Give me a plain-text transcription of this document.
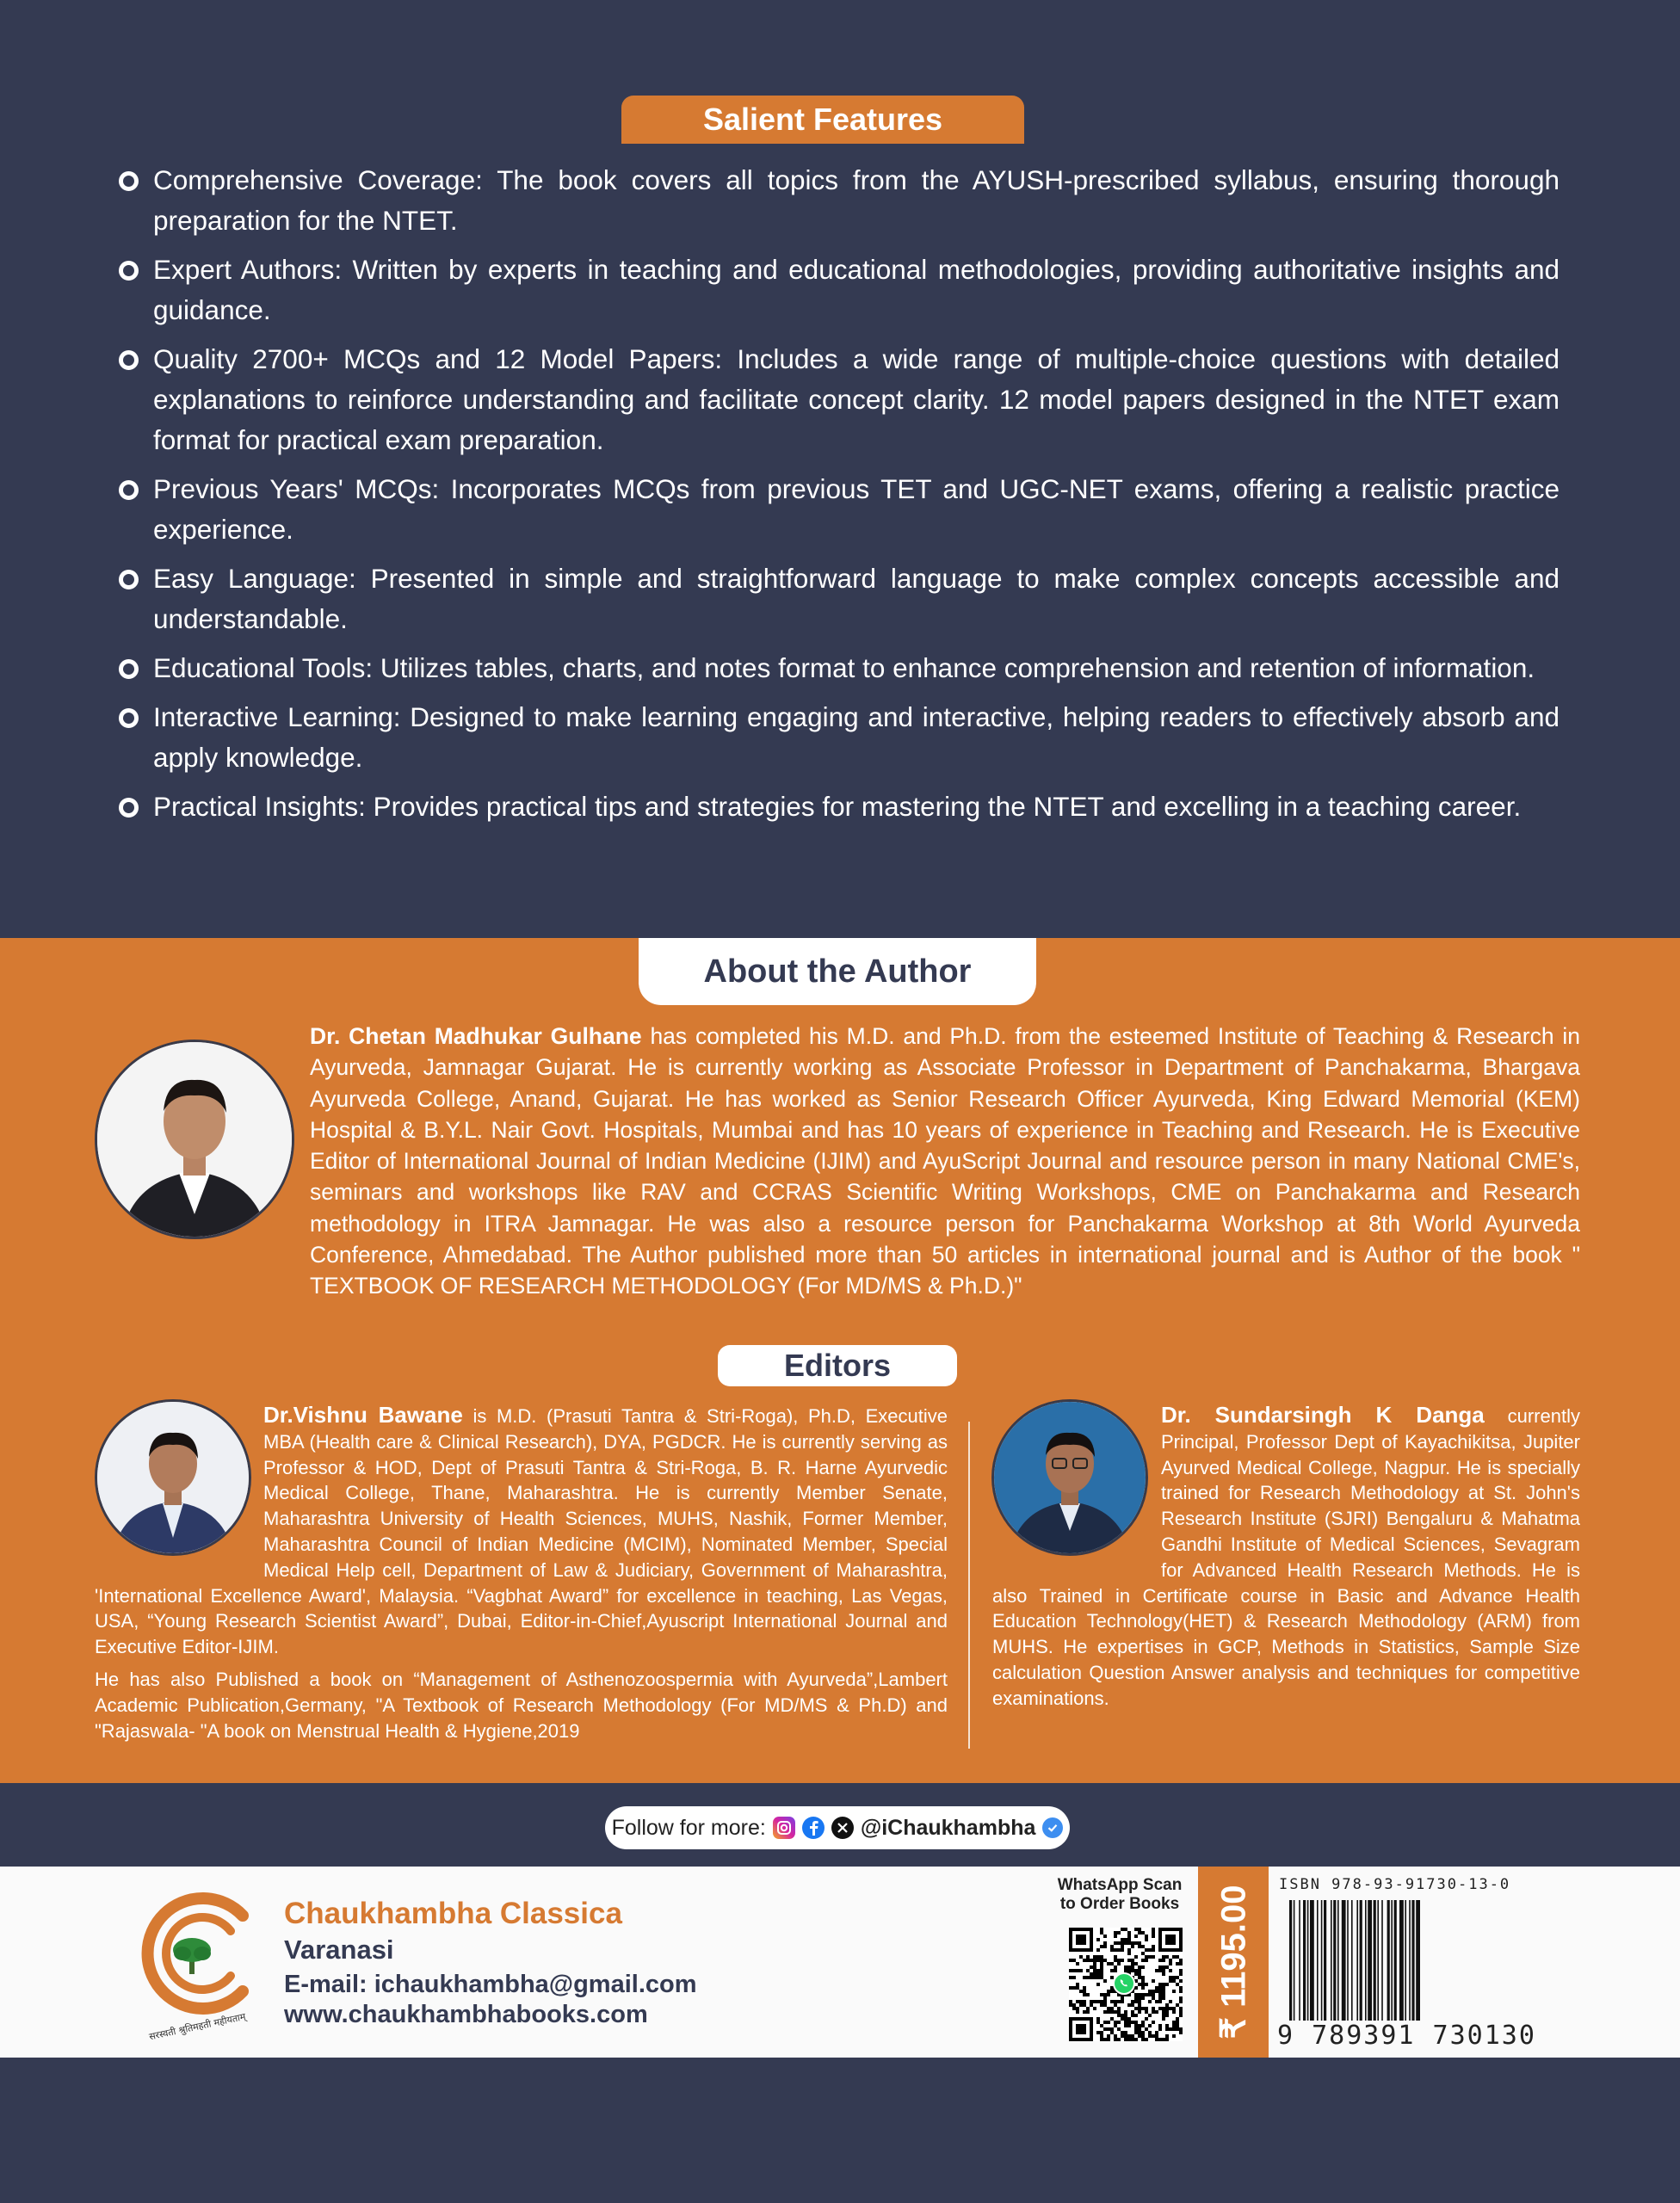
Salient Features
Comprehensive Coverage: The book covers all topics from the AYUSH-prescribed syllabus, ensuring thorough preparation for the NTET.
Expert Authors: Written by experts in teaching and educational methodologies, providing authoritative insights and guidance.
Quality 2700+ MCQs and 12 Model Papers: Includes a wide range of multiple-choice questions with detailed explanations to reinforce understanding and facilitate concept clarity. 12 model papers designed in the NTET exam format for practical exam preparation.
Previous Years' MCQs: Incorporates MCQs from previous TET and UGC-NET exams, offering a realistic practice experience.
Easy Language: Presented in simple and straightforward language to make complex concepts accessible and understandable.
Educational Tools: Utilizes tables, charts, and notes format to enhance comprehension and retention of information.
Interactive Learning: Designed to make learning engaging and interactive, helping readers to effectively absorb and apply knowledge.
Practical Insights: Provides practical tips and strategies for mastering the NTET and excelling in a teaching career.
About the Author
Dr. Chetan Madhukar Gulhane has completed his M.D. and Ph.D. from the esteemed Institute of Teaching & Research in Ayurveda, Jamnagar Gujarat. He is currently working as Associate Professor in Department of Panchakarma, Bhargava Ayurveda College, Anand, Gujarat. He has worked as Senior Research Officer Ayurveda, King Edward Memorial (KEM) Hospital & B.Y.L. Nair Govt. Hospitals, Mumbai and has 10 years of experience in Teaching and Research. He is Executive Editor of International Journal of Indian Medicine (IJIM) and AyuScript Journal and resource person in many National CME's, seminars and workshops like RAV and CCRAS Scientific Writing Workshops, CME on Panchakarma and Research methodology in ITRA Jamnagar. He was also a resource person for Panchakarma Workshop at 8th World Ayurveda Conference, Ahmedabad. The Author published more than 50 articles in international journal and is Author of the book " TEXTBOOK OF RESEARCH METHODOLOGY (For MD/MS & Ph.D.)"
Editors

Dr.Vishnu Bawane is M.D. (Prasuti Tantra & Stri-Roga), Ph.D, Executive MBA (Health care & Clinical Research), DYA, PGDCR. He is currently serving as Professor & HOD, Dept of Prasuti Tantra & Stri-Roga, B. R. Harne Ayurvedic Medical College, Thane, Maharashtra. He is currently Member Senate, Maharashtra University of Health Sciences, MUHS, Nashik, Former Member, Maharashtra Council of Indian Medicine (MCIM), Nominated Member, Special Medical Help cell, Department of Law & Judiciary, Government of Maharashtra, 'International Excellence Award', Malaysia. “Vagbhat Award” for excellence in teaching, Las Vegas, USA, “Young Research Scientist Award”, Dubai, Editor-in-Chief,Ayuscript International Journal and Executive Editor-IJIM.

He has also Published a book on “Management of Asthenozoospermia with Ayurveda”,Lambert Academic Publication,Germany, "A Textbook of Research Methodology (For MD/MS & Ph.D) and "Rajaswala- "A book on Menstrual Health & Hygiene,2019

Dr. Sundarsingh K Danga currently Principal, Professor Dept of Kayachikitsa, Jupiter Ayurved Medical College, Nagpur. He is specially trained for Research Methodology at St. John's Research Institute (SJRI) Bengaluru & Mahatma Gandhi Institute of Medical Sciences, Sevagram for Advanced Health Research Methods. He is also Trained in Certificate course in Basic and Advance Health Education Technology(HET) & Research Methodology (ARM) from MUHS. He expertises in GCP, Methods in Statistics, Sample Size calculation Question Answer analysis and techniques for competitive examinations.

Follow for more:	@iChaukhambha
सरस्वती श्रुतिमहती महीयताम्
Chaukhambha Classica
Varanasi
E-mail: ichaukhambha@gmail.com
www.chaukhambhabooks.com
WhatsApp Scan
to Order Books ₹ 1195.00
ISBN 978-93-91730-13-0
9 789391 730130
